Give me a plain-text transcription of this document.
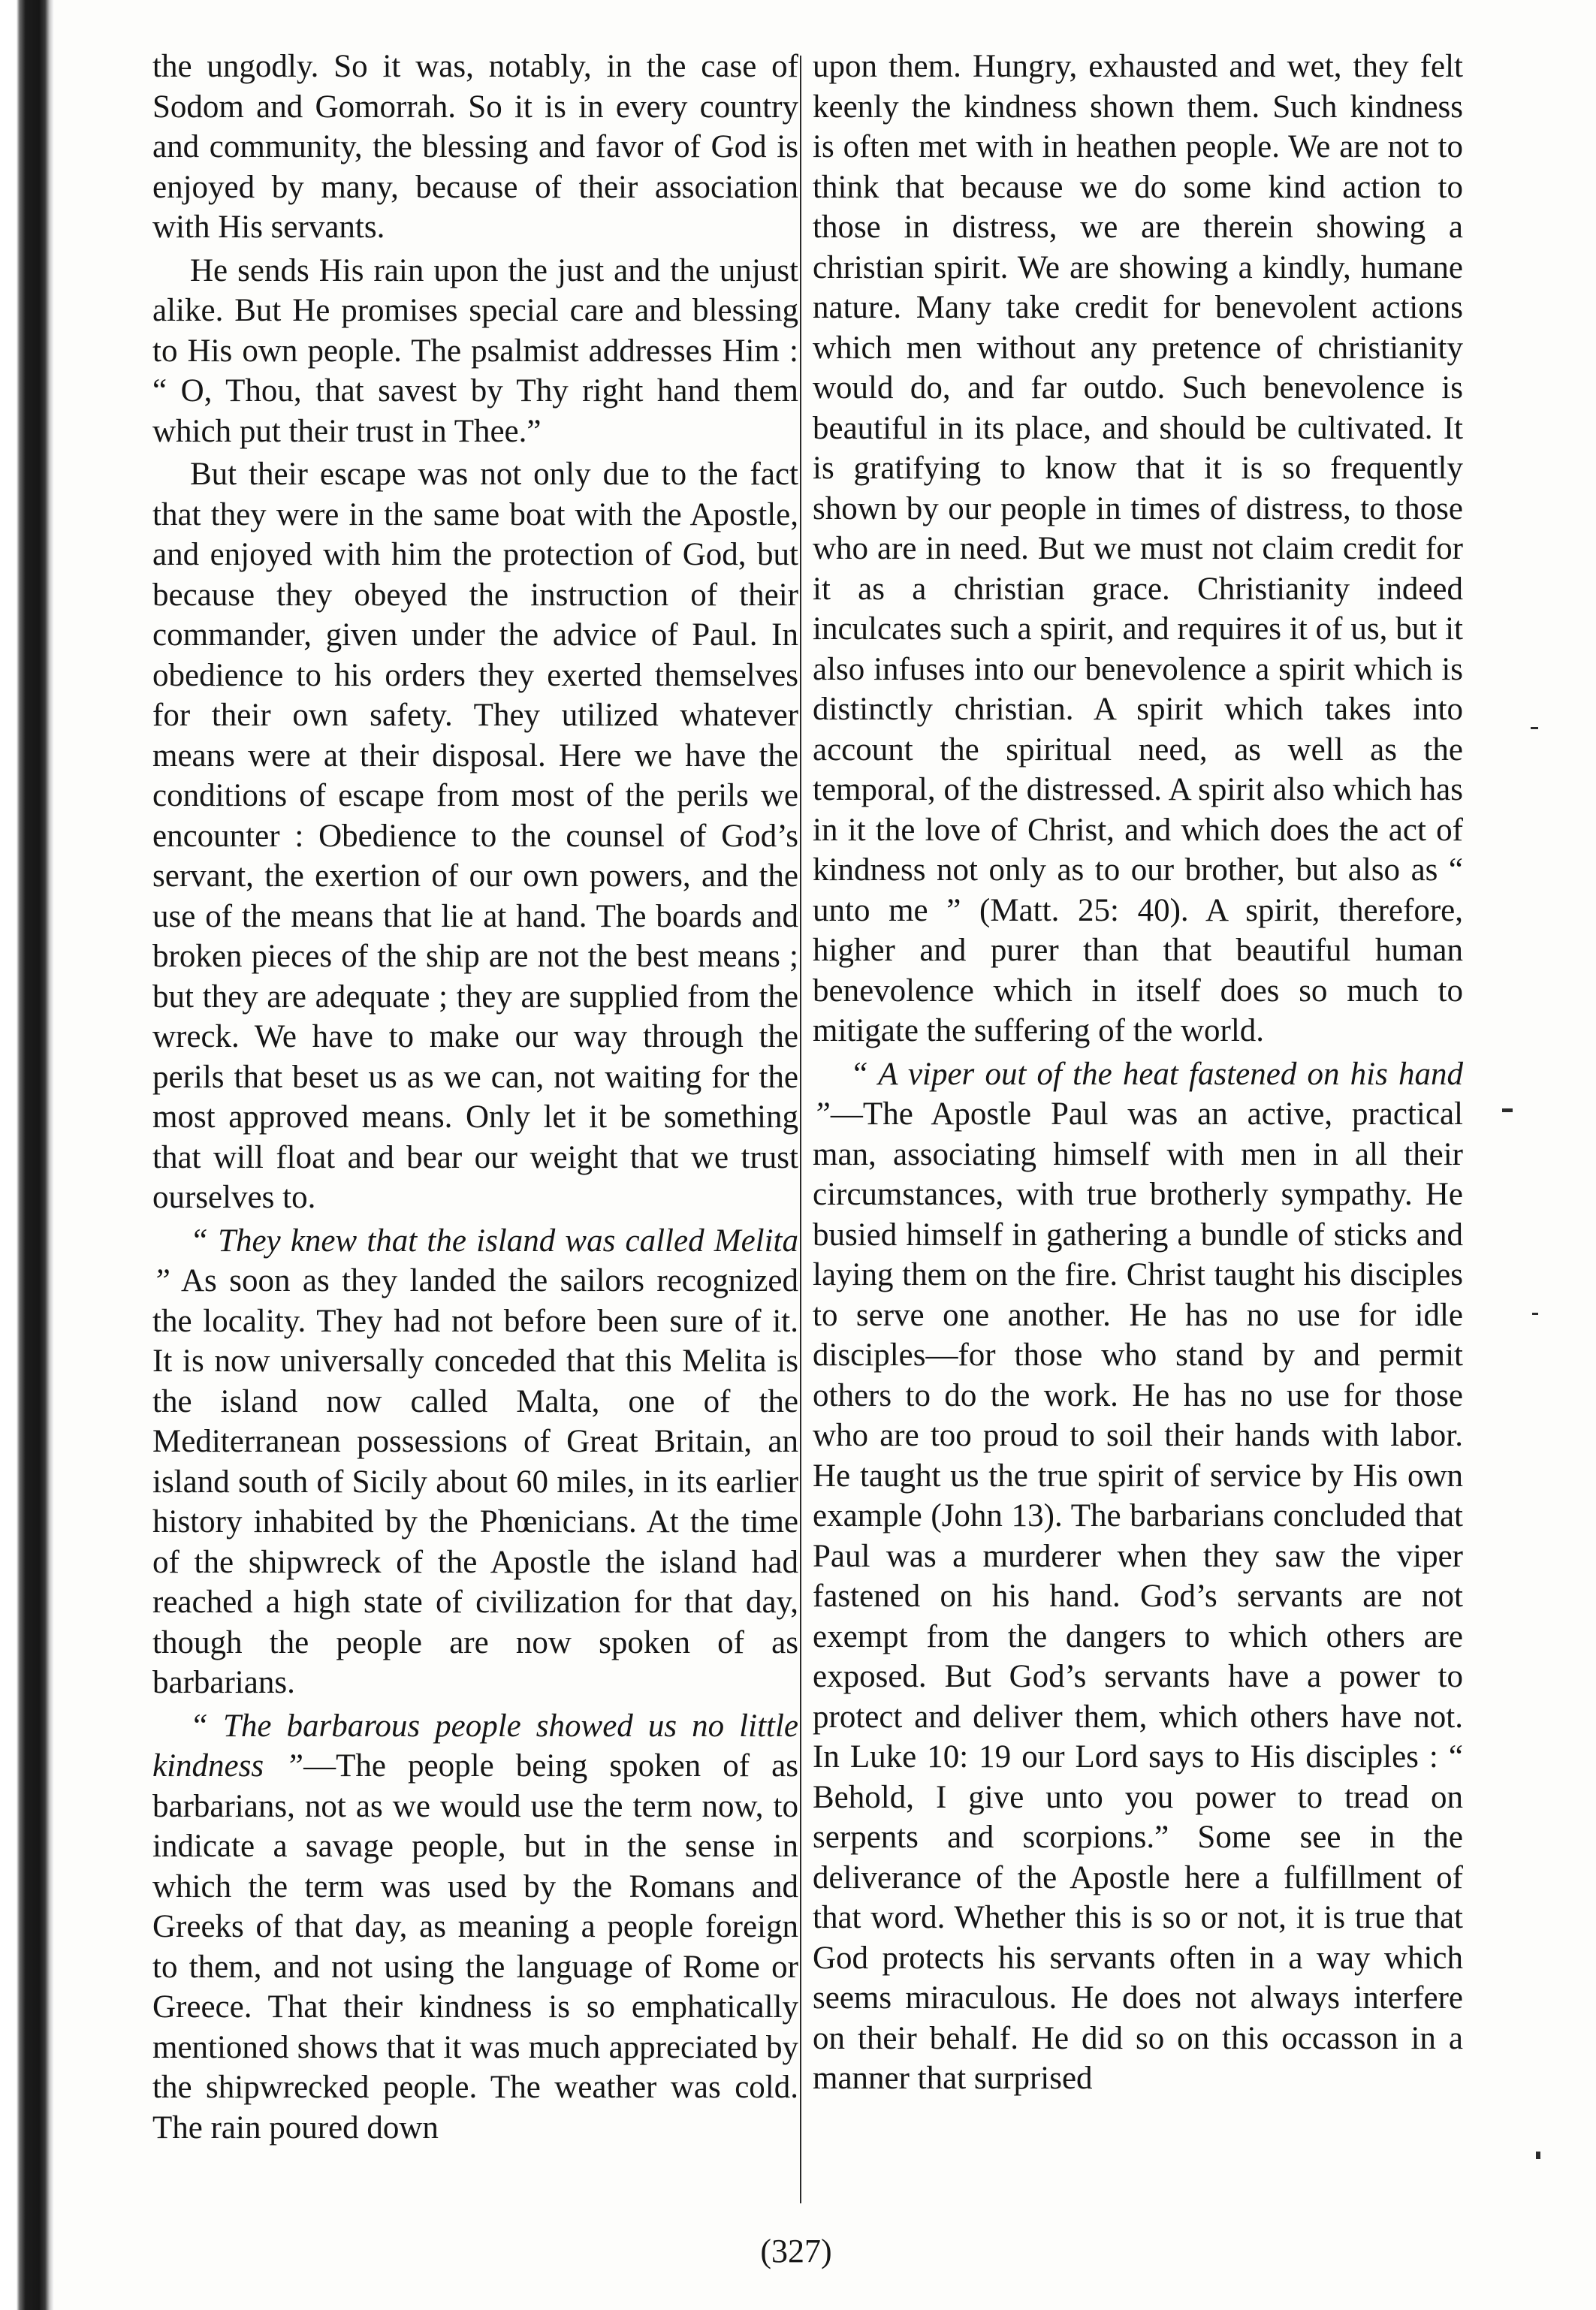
the ungodly. So it was, notably, in the case of Sodom and Gomorrah. So it is in every country and community, the blessing and favor of God is enjoyed by many, because of their association with His servants.

He sends His rain upon the just and the unjust alike. But He promises special care and blessing to His own people. The psalmist addresses Him : “ O, Thou, that savest by Thy right hand them which put their trust in Thee.”

But their escape was not only due to the fact that they were in the same boat with the Apostle, and enjoyed with him the protection of God, but because they obeyed the instruction of their commander, given under the advice of Paul. In obedience to his orders they exerted themselves for their own safety. They utilized whatever means were at their disposal. Here we have the conditions of escape from most of the perils we encounter : Obedience to the counsel of God’s servant, the exertion of our own powers, and the use of the means that lie at hand. The boards and broken pieces of the ship are not the best means ; but they are adequate ; they are supplied from the wreck. We have to make our way through the perils that beset us as we can, not waiting for the most approved means. Only let it be something that will float and bear our weight that we trust ourselves to.

“ They knew that the island was called Melita ” As soon as they landed the sailors recognized the locality. They had not before been sure of it. It is now universally conceded that this Melita is the island now called Malta, one of the Mediterranean possessions of Great Britain, an island south of Sicily about 60 miles, in its earlier history inhabited by the Phœnicians. At the time of the shipwreck of the Apostle the island had reached a high state of civilization for that day, though the people are now spoken of as barbarians.

“ The barbarous people showed us no little kindness ”—The people being spoken of as barbarians, not as we would use the term now, to indicate a savage people, but in the sense in which the term was used by the Romans and Greeks of that day, as meaning a people foreign to them, and not using the language of Rome or Greece. That their kindness is so emphatically mentioned shows that it was much appreciated by the shipwrecked people. The weather was cold. The rain poured down

upon them. Hungry, exhausted and wet, they felt keenly the kindness shown them. Such kindness is often met with in heathen people. We are not to think that because we do some kind action to those in distress, we are therein showing a christian spirit. We are showing a kindly, humane nature. Many take credit for benevolent actions which men without any pretence of christianity would do, and far outdo. Such benevolence is beautiful in its place, and should be cultivated. It is gratifying to know that it is so frequently shown by our people in times of distress, to those who are in need. But we must not claim credit for it as a christian grace. Christianity indeed inculcates such a spirit, and requires it of us, but it also infuses into our benevolence a spirit which is distinctly christian. A spirit which takes into account the spiritual need, as well as the temporal, of the distressed. A spirit also which has in it the love of Christ, and which does the act of kindness not only as to our brother, but also as “ unto me ” (Matt. 25: 40). A spirit, therefore, higher and purer than that beautiful human benevolence which in itself does so much to mitigate the suffering of the world.

“ A viper out of the heat fastened on his hand ”—The Apostle Paul was an active, practical man, associating himself with men in all their circumstances, with true brotherly sympathy. He busied himself in gathering a bundle of sticks and laying them on the fire. Christ taught his disciples to serve one another. He has no use for idle disciples—for those who stand by and permit others to do the work. He has no use for those who are too proud to soil their hands with labor. He taught us the true spirit of service by His own example (John 13). The barbarians concluded that Paul was a murderer when they saw the viper fastened on his hand. God’s servants are not exempt from the dangers to which others are exposed. But God’s servants have a power to protect and deliver them, which others have not. In Luke 10: 19 our Lord says to His disciples : “ Behold, I give unto you power to tread on serpents and scorpions.” Some see in the deliverance of the Apostle here a fulfillment of that word. Whether this is so or not, it is true that God protects his servants often in a way which seems miraculous. He does not always interfere on their behalf. He did so on this occasson in a manner that surprised

(327)
